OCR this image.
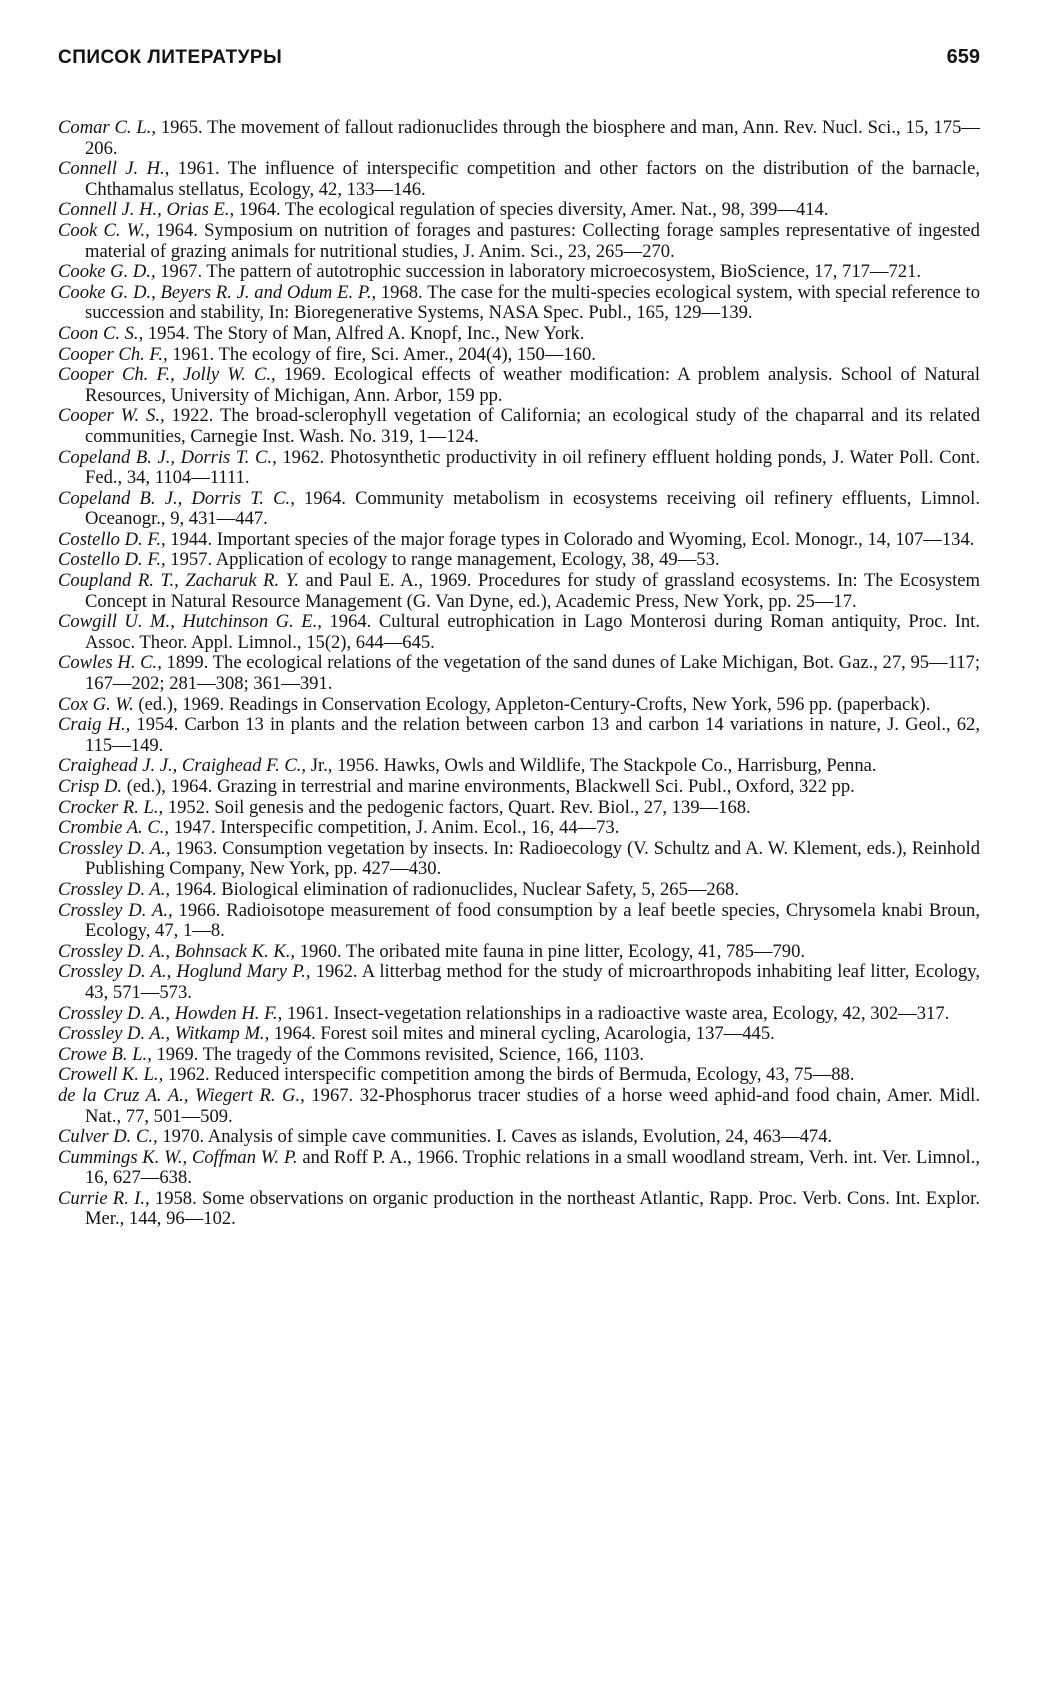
СПИСОК ЛИТЕРАТУРЫ	659
Comar C. L., 1965. The movement of fallout radionuclides through the biosphere and man, Ann. Rev. Nucl. Sci., 15, 175—206.
Connell J. H., 1961. The influence of interspecific competition and other factors on the distribution of the barnacle, Chthamalus stellatus, Ecology, 42, 133—146.
Connell J. H., Orias E., 1964. The ecological regulation of species diversity, Amer. Nat., 98, 399—414.
Cook C. W., 1964. Symposium on nutrition of forages and pastures: Collecting forage samples representative of ingested material of grazing animals for nutritional studies, J. Anim. Sci., 23, 265—270.
Cooke G. D., 1967. The pattern of autotrophic succession in laboratory microecosystem, BioScience, 17, 717—721.
Cooke G. D., Beyers R. J. and Odum E. P., 1968. The case for the multi-species ecological system, with special reference to succession and stability, In: Bioregenerative Systems, NASA Spec. Publ., 165, 129—139.
Coon C. S., 1954. The Story of Man, Alfred A. Knopf, Inc., New York.
Cooper Ch. F., 1961. The ecology of fire, Sci. Amer., 204(4), 150—160.
Cooper Ch. F., Jolly W. C., 1969. Ecological effects of weather modification: A problem analysis. School of Natural Resources, University of Michigan, Ann. Arbor, 159 pp.
Cooper W. S., 1922. The broad-sclerophyll vegetation of California; an ecological study of the chaparral and its related communities, Carnegie Inst. Wash. No. 319, 1—124.
Copeland B. J., Dorris T. C., 1962. Photosynthetic productivity in oil refinery effluent holding ponds, J. Water Poll. Cont. Fed., 34, 1104—1111.
Copeland B. J., Dorris T. C., 1964. Community metabolism in ecosystems receiving oil refinery effluents, Limnol. Oceanogr., 9, 431—447.
Costello D. F., 1944. Important species of the major forage types in Colorado and Wyoming, Ecol. Monogr., 14, 107—134.
Costello D. F., 1957. Application of ecology to range management, Ecology, 38, 49—53.
Coupland R. T., Zacharuk R. Y. and Paul E. A., 1969. Procedures for study of grassland ecosystems. In: The Ecosystem Concept in Natural Resource Management (G. Van Dyne, ed.), Academic Press, New York, pp. 25—17.
Cowgill U. M., Hutchinson G. E., 1964. Cultural eutrophication in Lago Monterosi during Roman antiquity, Proc. Int. Assoc. Theor. Appl. Limnol., 15(2), 644—645.
Cowles H. C., 1899. The ecological relations of the vegetation of the sand dunes of Lake Michigan, Bot. Gaz., 27, 95—117; 167—202; 281—308; 361—391.
Cox G. W. (ed.), 1969. Readings in Conservation Ecology, Appleton-Century-Crofts, New York, 596 pp. (paperback).
Craig H., 1954. Carbon 13 in plants and the relation between carbon 13 and carbon 14 variations in nature, J. Geol., 62, 115—149.
Craighead J. J., Craighead F. C., Jr., 1956. Hawks, Owls and Wildlife, The Stackpole Co., Harrisburg, Penna.
Crisp D. (ed.), 1964. Grazing in terrestrial and marine environments, Blackwell Sci. Publ., Oxford, 322 pp.
Crocker R. L., 1952. Soil genesis and the pedogenic factors, Quart. Rev. Biol., 27, 139—168.
Crombie A. C., 1947. Interspecific competition, J. Anim. Ecol., 16, 44—73.
Crossley D. A., 1963. Consumption vegetation by insects. In: Radioecology (V. Schultz and A. W. Klement, eds.), Reinhold Publishing Company, New York, pp. 427—430.
Crossley D. A., 1964. Biological elimination of radionuclides, Nuclear Safety, 5, 265—268.
Crossley D. A., 1966. Radioisotope measurement of food consumption by a leaf beetle species, Chrysomela knabi Broun, Ecology, 47, 1—8.
Crossley D. A., Bohnsack K. K., 1960. The oribated mite fauna in pine litter, Ecology, 41, 785—790.
Crossley D. A., Hoglund Mary P., 1962. A litterbag method for the study of microarthropods inhabiting leaf litter, Ecology, 43, 571—573.
Crossley D. A., Howden H. F., 1961. Insect-vegetation relationships in a radioactive waste area, Ecology, 42, 302—317.
Crossley D. A., Witkamp M., 1964. Forest soil mites and mineral cycling, Acarologia, 137—445.
Crowe B. L., 1969. The tragedy of the Commons revisited, Science, 166, 1103.
Crowell K. L., 1962. Reduced interspecific competition among the birds of Bermuda, Ecology, 43, 75—88.
de la Cruz A. A., Wiegert R. G., 1967. 32-Phosphorus tracer studies of a horse weed aphid-and food chain, Amer. Midl. Nat., 77, 501—509.
Culver D. C., 1970. Analysis of simple cave communities. I. Caves as islands, Evolution, 24, 463—474.
Cummings K. W., Coffman W. P. and Roff P. A., 1966. Trophic relations in a small woodland stream, Verh. int. Ver. Limnol., 16, 627—638.
Currie R. I., 1958. Some observations on organic production in the northeast Atlantic, Rapp. Proc. Verb. Cons. Int. Explor. Mer., 144, 96—102.
